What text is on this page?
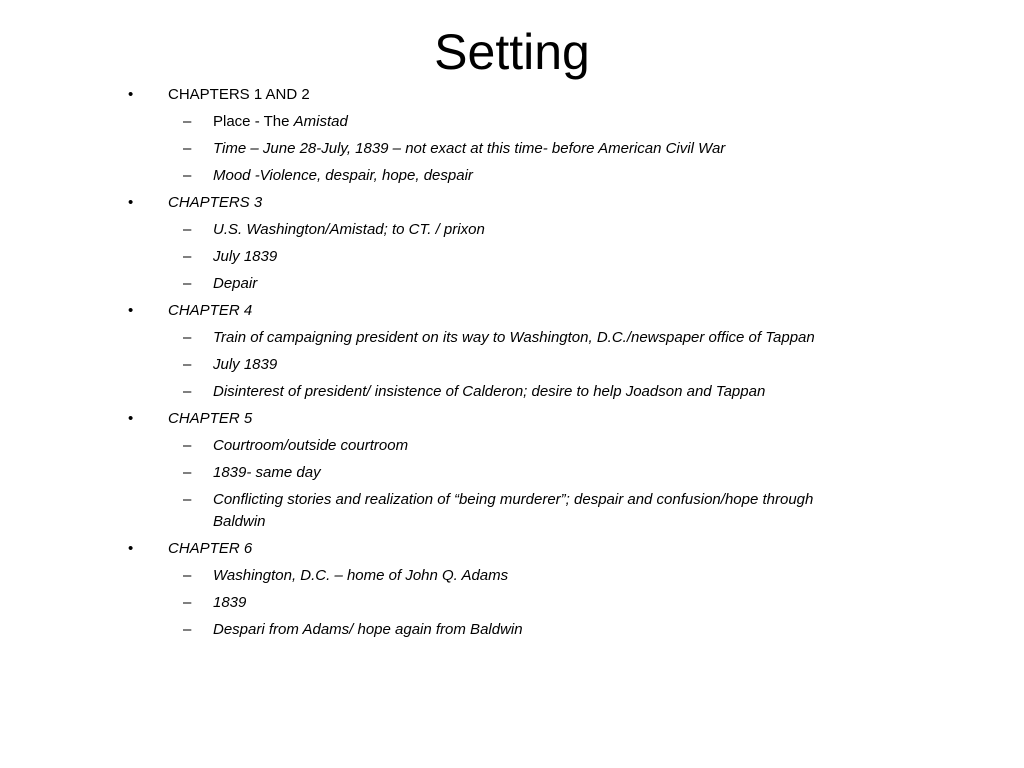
Setting
•	CHAPTERS 1 AND 2
– Place - The Amistad
– Time – June 28-July, 1839 – not exact at this time- before American Civil War
– Mood -Violence, despair, hope, despair
•	CHAPTERS 3
– U.S. Washington/Amistad; to CT. / prixon
– July 1839
– Depair
•	CHAPTER 4
– Train of campaigning president on its way to Washington, D.C./newspaper office of Tappan
– July 1839
– Disinterest of president/ insistence of Calderon; desire to help Joadson and Tappan
•	CHAPTER 5
– Courtroom/outside courtroom
– 1839- same day
– Conflicting stories and realization of “being murderer”; despair and confusion/hope through Baldwin
•	CHAPTER 6
– Washington, D.C. – home of John Q. Adams
– 1839
– Despari from Adams/ hope again from Baldwin
